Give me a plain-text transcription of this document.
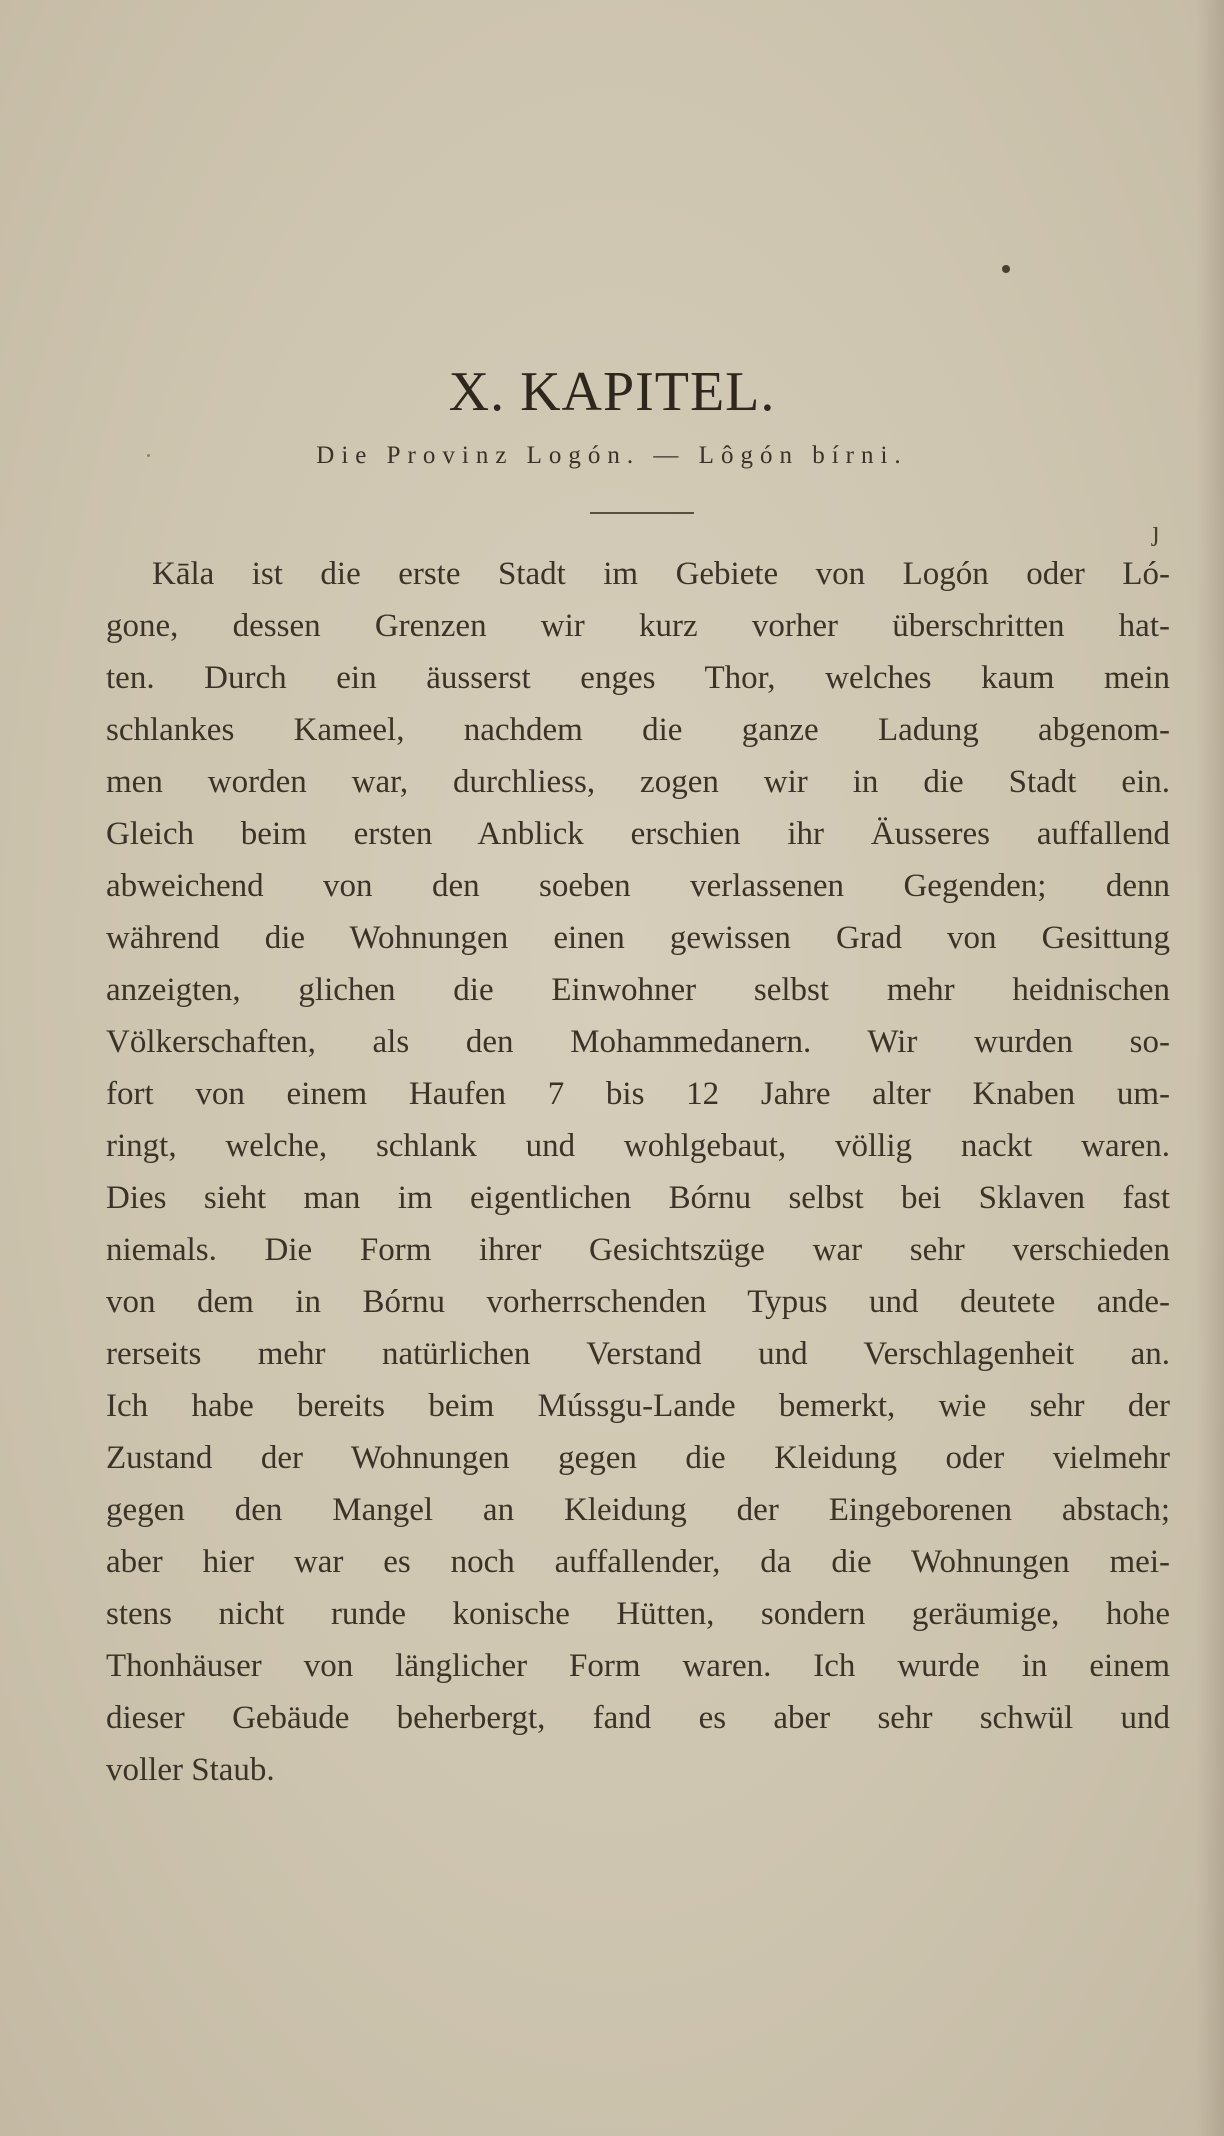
X. KAPITEL.
Die Provinz Logón. — Lôgón bírni.
ȷ
Kāla ist die erste Stadt im Gebiete von Logón oder Ló-
gone, dessen Grenzen wir kurz vorher überschritten hat-
ten. Durch ein äusserst enges Thor, welches kaum mein
schlankes Kameel, nachdem die ganze Ladung abgenom-
men worden war, durchliess, zogen wir in die Stadt ein.
Gleich beim ersten Anblick erschien ihr Äusseres auffallend
abweichend von den soeben verlassenen Gegenden; denn
während die Wohnungen einen gewissen Grad von Gesittung
anzeigten, glichen die Einwohner selbst mehr heidnischen
Völkerschaften, als den Mohammedanern. Wir wurden so-
fort von einem Haufen 7 bis 12 Jahre alter Knaben um-
ringt, welche, schlank und wohlgebaut, völlig nackt waren.
Dies sieht man im eigentlichen Bórnu selbst bei Sklaven fast
niemals. Die Form ihrer Gesichtszüge war sehr verschieden
von dem in Bórnu vorherrschenden Typus und deutete ande-
rerseits mehr natürlichen Verstand und Verschlagenheit an.
Ich habe bereits beim Mússgu-Lande bemerkt, wie sehr der
Zustand der Wohnungen gegen die Kleidung oder vielmehr
gegen den Mangel an Kleidung der Eingeborenen abstach;
aber hier war es noch auffallender, da die Wohnungen mei-
stens nicht runde konische Hütten, sondern geräumige, hohe
Thonhäuser von länglicher Form waren. Ich wurde in einem
dieser Gebäude beherbergt, fand es aber sehr schwül und
voller Staub.
